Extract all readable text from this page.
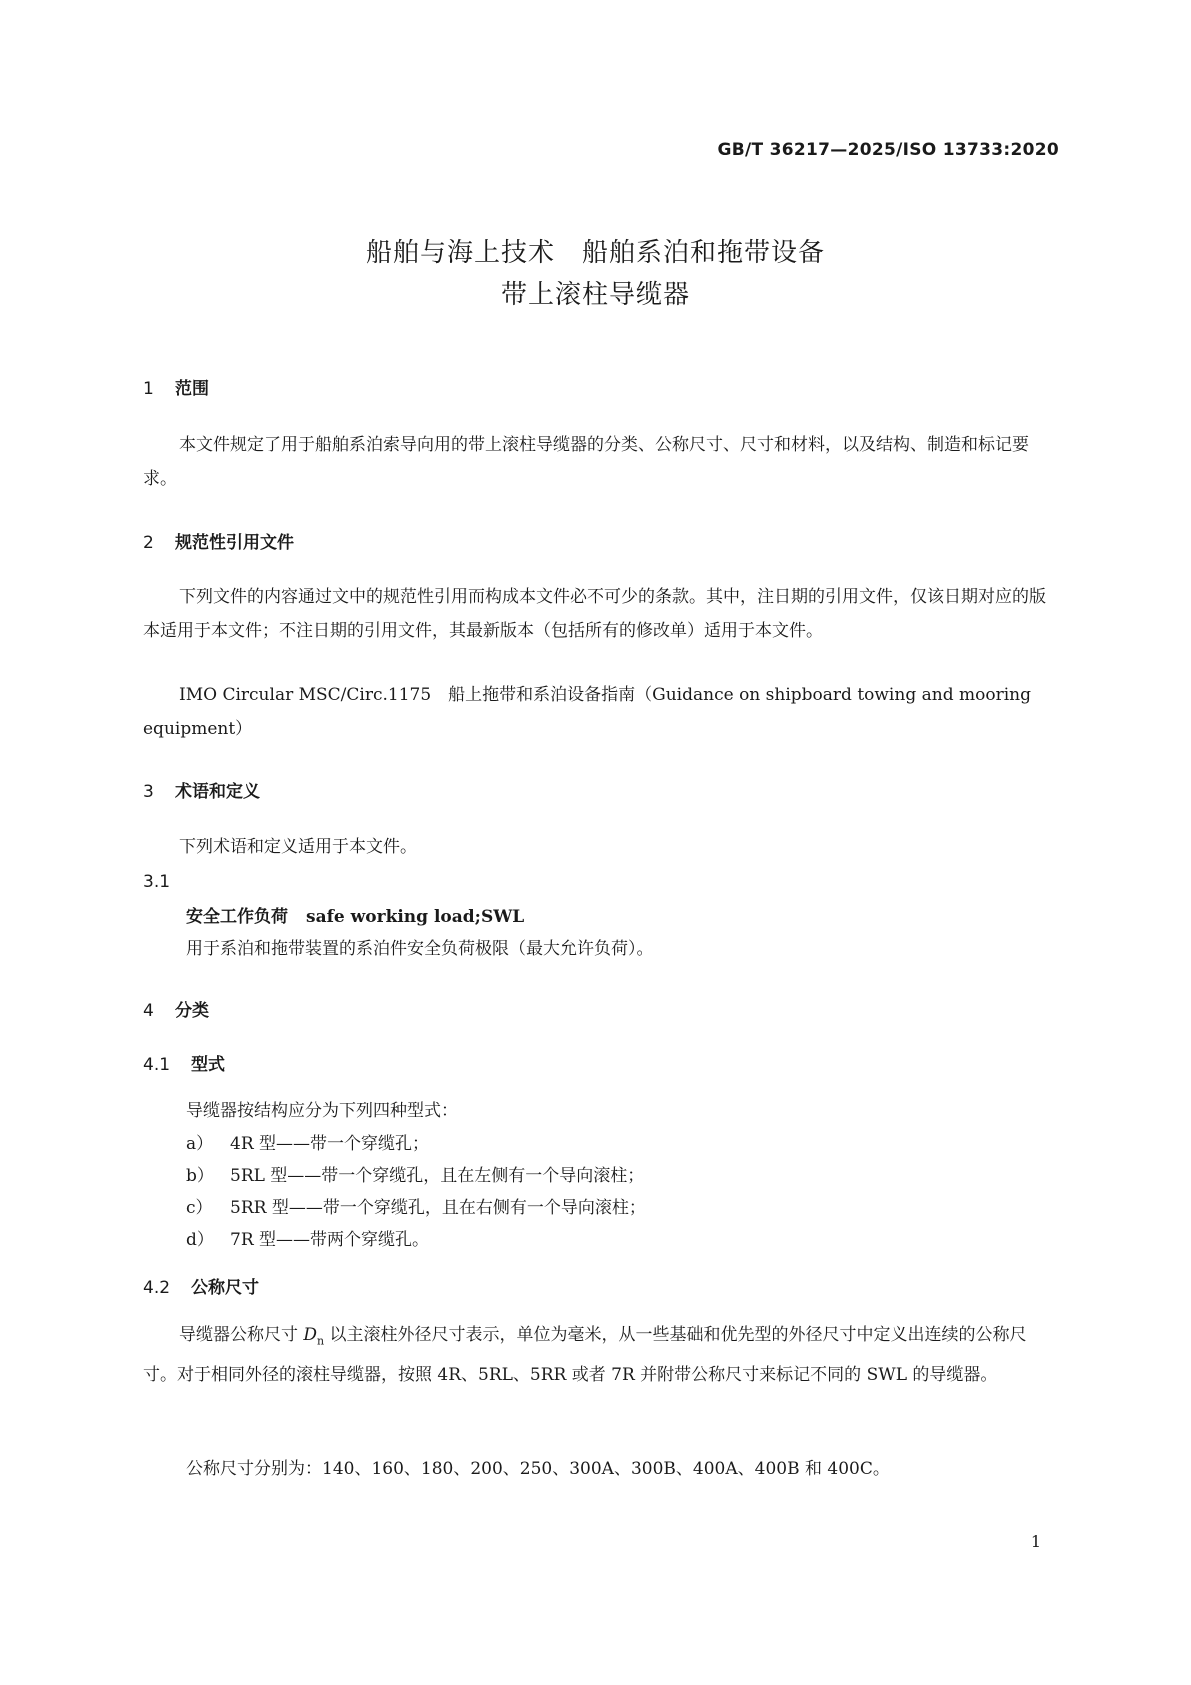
GB/T 36217—2025/ISO 13733:2020
船舶与海上技术　船舶系泊和拖带设备
带上滚柱导缆器
1 范围
本文件规定了用于船舶系泊索导向用的带上滚柱导缆器的分类、公称尺寸、尺寸和材料，以及结构、制造和标记要求。
2 规范性引用文件
下列文件的内容通过文中的规范性引用而构成本文件必不可少的条款。其中，注日期的引用文件，仅该日期对应的版本适用于本文件；不注日期的引用文件，其最新版本（包括所有的修改单）适用于本文件。
IMO Circular MSC/Circ.1175　船上拖带和系泊设备指南（Guidance on shipboard towing and mooring equipment）
3 术语和定义
下列术语和定义适用于本文件。
3.1
安全工作负荷 safe working load;SWL
用于系泊和拖带装置的系泊件安全负荷极限（最大允许负荷）。
4 分类
4.1 型式
导缆器按结构应分为下列四种型式：
a） 4R 型——带一个穿缆孔；
b） 5RL 型——带一个穿缆孔，且在左侧有一个导向滚柱；
c） 5RR 型——带一个穿缆孔，且在右侧有一个导向滚柱；
d） 7R 型——带两个穿缆孔。
4.2 公称尺寸
导缆器公称尺寸 $D_n$ 以主滚柱外径尺寸表示，单位为毫米，从一些基础和优先型的外径尺寸中定义出连续的公称尺寸。对于相同外径的滚柱导缆器，按照 4R、5RL、5RR 或者 7R 并附带公称尺寸来标记不同的 SWL 的导缆器。
公称尺寸分别为：140、160、180、200、250、300A、300B、400A、400B 和 400C。
1
